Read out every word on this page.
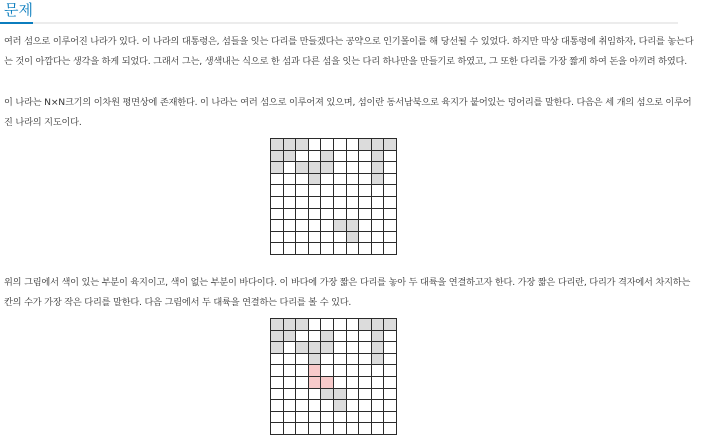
문제

여러 섬으로 이루어진 나라가 있다. 이 나라의 대통령은, 섬들을 잇는 다리를 만들겠다는 공약으로 인기몰이를 해 당선될 수 있었다. 하지만 막상 대통령에 취임하자, 다리를 놓는다는 것이 아깝다는 생각을 하게 되었다. 그래서 그는, 생색내는 식으로 한 섬과 다른 섬을 잇는 다리 하나만을 만들기로 하였고, 그 또한 다리를 가장 짧게 하여 돈을 아끼려 하였다.

이 나라는 N×N크기의 이차원 평면상에 존재한다. 이 나라는 여러 섬으로 이루어져 있으며, 섬이란 동서남북으로 육지가 붙어있는 덩어리를 말한다. 다음은 세 개의 섬으로 이루어진 나라의 지도이다.

위의 그림에서 색이 있는 부분이 육지이고, 색이 없는 부분이 바다이다. 이 바다에 가장 짧은 다리를 놓아 두 대륙을 연결하고자 한다. 가장 짧은 다리란, 다리가 격자에서 차지하는 칸의 수가 가장 작은 다리를 말한다. 다음 그림에서 두 대륙을 연결하는 다리를 볼 수 있다.
